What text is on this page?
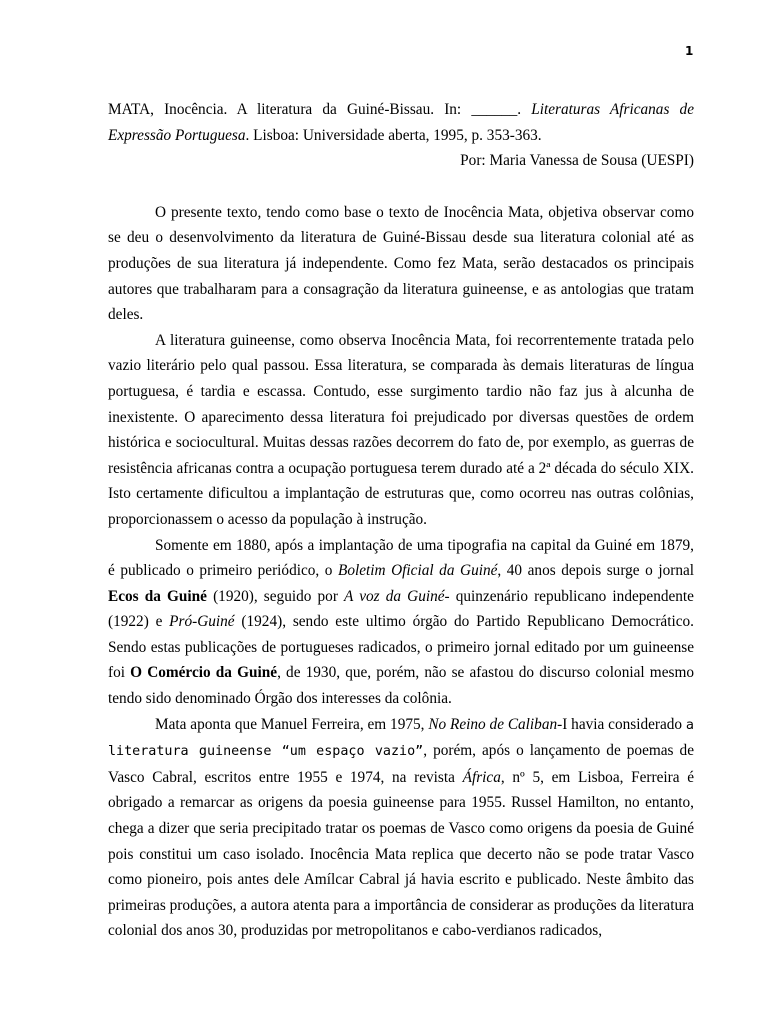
1

MATA, Inocência. A literatura da Guiné-Bissau. In: ______. Literaturas Africanas de Expressão Portuguesa. Lisboa: Universidade aberta, 1995, p. 353-363.

Por: Maria Vanessa de Sousa (UESPI)

O presente texto, tendo como base o texto de Inocência Mata, objetiva observar como se deu o desenvolvimento da literatura de Guiné-Bissau desde sua literatura colonial até as produções de sua literatura já independente. Como fez Mata, serão destacados os principais autores que trabalharam para a consagração da literatura guineense, e as antologias que tratam deles.

A literatura guineense, como observa Inocência Mata, foi recorrentemente tratada pelo vazio literário pelo qual passou. Essa literatura, se comparada às demais literaturas de língua portuguesa, é tardia e escassa. Contudo, esse surgimento tardio não faz jus à alcunha de inexistente. O aparecimento dessa literatura foi prejudicado por diversas questões de ordem histórica e sociocultural. Muitas dessas razões decorrem do fato de, por exemplo, as guerras de resistência africanas contra a ocupação portuguesa terem durado até a 2ª década do século XIX. Isto certamente dificultou a implantação de estruturas que, como ocorreu nas outras colônias, proporcionassem o acesso da população à instrução.

Somente em 1880, após a implantação de uma tipografia na capital da Guiné em 1879, é publicado o primeiro periódico, o Boletim Oficial da Guiné, 40 anos depois surge o jornal Ecos da Guiné (1920), seguido por A voz da Guiné- quinzenário republicano independente (1922) e Pró-Guiné (1924), sendo este ultimo órgão do Partido Republicano Democrático. Sendo estas publicações de portugueses radicados, o primeiro jornal editado por um guineense foi O Comércio da Guiné, de 1930, que, porém, não se afastou do discurso colonial mesmo tendo sido denominado Órgão dos interesses da colônia.

Mata aponta que Manuel Ferreira, em 1975, No Reino de Caliban-I havia considerado a literatura guineense “um espaço vazio”, porém, após o lançamento de poemas de Vasco Cabral, escritos entre 1955 e 1974, na revista África, nº 5, em Lisboa, Ferreira é obrigado a remarcar as origens da poesia guineense para 1955. Russel Hamilton, no entanto, chega a dizer que seria precipitado tratar os poemas de Vasco como origens da poesia de Guiné pois constitui um caso isolado. Inocência Mata replica que decerto não se pode tratar Vasco como pioneiro, pois antes dele Amílcar Cabral já havia escrito e publicado. Neste âmbito das primeiras produções, a autora atenta para a importância de considerar as produções da literatura colonial dos anos 30, produzidas por metropolitanos e cabo-verdianos radicados,
